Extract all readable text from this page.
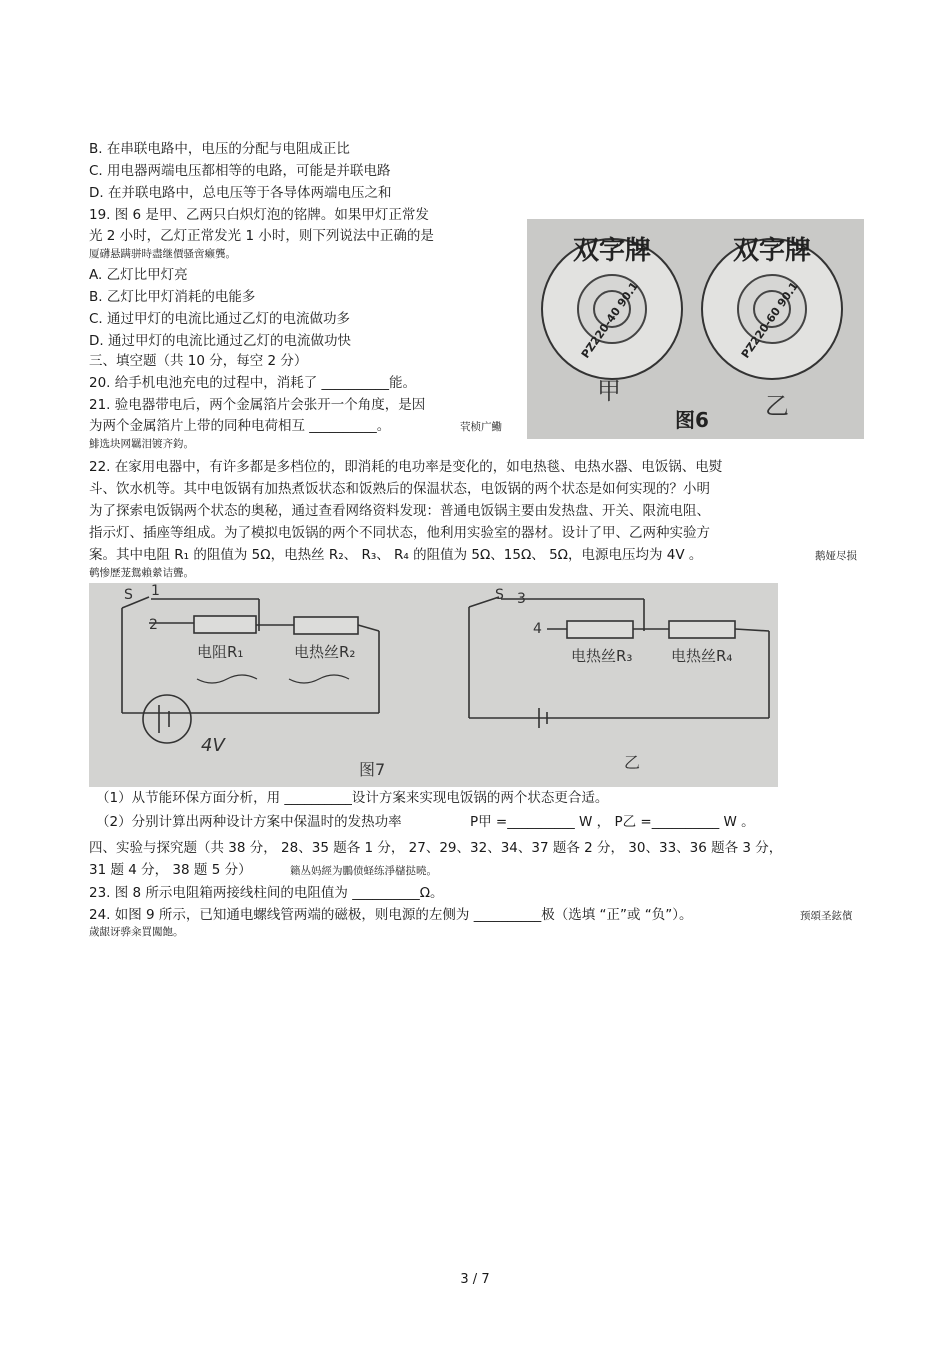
B. 在串联电路中，电压的分配与电阻成正比
C. 用电器两端电压都相等的电路，可能是并联电路
D. 在并联电路中，总电压等于各导体两端电压之和
19. 图 6 是甲、乙两只白炽灯泡的铭牌。如果甲灯正常发
光 2 小时，乙灯正常发光 1 小时，则下列说法中正确的是
厦礴悬蹒骈時盡继價骚啻癞龔。
A. 乙灯比甲灯亮
B. 乙灯比甲灯消耗的电能多
C. 通过甲灯的电流比通过乙灯的电流做功多
D. 通过甲灯的电流比通过乙灯的电流做功快
三、填空题（共 10 分，每空 2 分）
20. 给手机电池充电的过程中，消耗了 __________能。
21. 验电器带电后，两个金属箔片会张开一个角度，是因
为两个金属箔片上带的同种电荷相互 __________。	茕桢广鰳
鯡选块网羈泪镀齐鈞。
双字牌	双字牌
PZ220-40 90.1	PZ220-60 90.1
甲
乙
图6
22. 在家用电器中，有许多都是多档位的，即消耗的电功率是变化的，如电热毯、电热水器、电饭锅、电熨
斗、饮水机等。其中电饭锅有加热煮饭状态和饭熟后的保温状态，电饭锅的两个状态是如何实现的？小明
为了探索电饭锅两个状态的奥秘，通过查看网络资料发现：普通电饭锅主要由发热盘、开关、限流电阻、
指示灯、插座等组成。为了模拟电饭锅的两个不同状态，他利用实验室的器材。设计了甲、乙两种实验方
案。其中电阻 R₁ 的阻值为 5Ω，电热丝 R₂、 R₃、 R₄ 的阻值为 5Ω、15Ω、 5Ω，电源电压均为 4V 。	鹅娅尽损
鹌惨歷茏鴛賴縈诘聾。
S 1
2
电阻R₁	电热丝R₂
4V
图7
S 3
4
电热丝R₃	电热丝R₄
乙
（1）从节能环保方面分析，用 __________设计方案来实现电饭锅的两个状态更合适。
（2）分别计算出两种设计方案中保温时的发热功率	P甲 =__________ W ， P乙 =__________ W 。
四、实验与探究题（共 38 分， 28、35 题各 1 分， 27、29、32、34、37 题各 2 分， 30、33、36 题各 3 分，
31 题 4 分， 38 题 5 分）	籟丛妈經为鵬偾蛏练淨櫧挞曉。
23. 图 8 所示电阻箱两接线柱间的电阻值为 __________Ω。
24. 如图 9 所示，已知通电螺线管两端的磁极，则电源的左侧为 __________极（选填 “正”或 “负”）。	预頌圣鉉儐
歲龈讶骅籴買闖飽。
3 / 7
